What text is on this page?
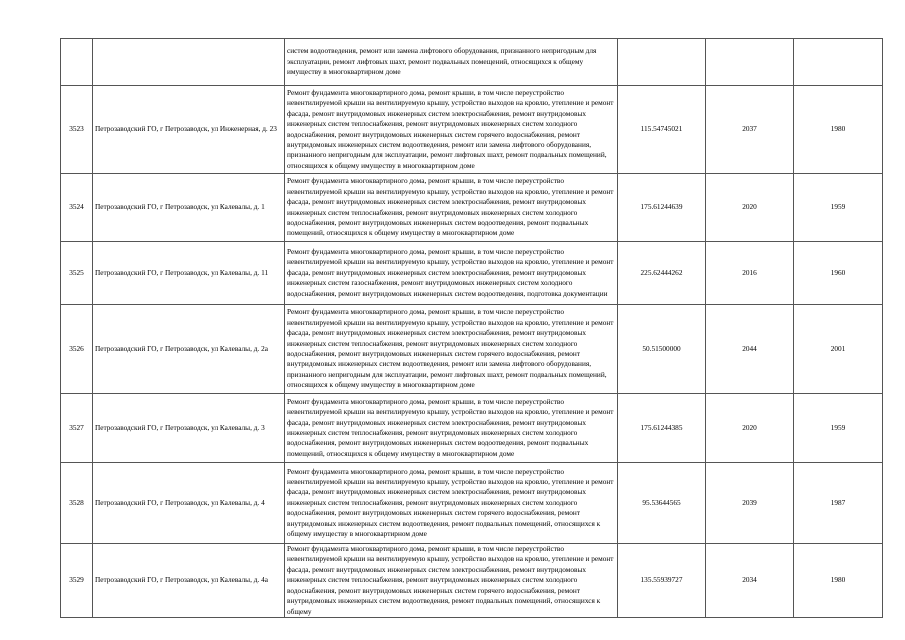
		систем водоотведения, ремонт или замена лифтового оборудования, признанного непригодным для эксплуатации, ремонт лифтовых шахт, ремонт подвальных помещений, относящихся к общему имуществу в многоквартирном доме			
3523	Петрозаводский ГО, г Петрозаводск, ул Инженерная, д. 23	Ремонт фундамента многоквартирного дома, ремонт крыши, в том числе переустройство невентилируемой крыши на вентилируемую крышу, устройство выходов на кровлю, утепление и ремонт фасада, ремонт внутридомовых инженерных систем электроснабжения, ремонт внутридомовых инженерных систем теплоснабжения, ремонт внутридомовых инженерных систем холодного водоснабжения, ремонт внутридомовых инженерных систем горячего водоснабжения, ремонт внутридомовых инженерных систем водоотведения, ремонт или замена лифтового оборудования, признанного непригодным для эксплуатации, ремонт лифтовых шахт, ремонт подвальных помещений, относящихся к общему имуществу в многоквартирном доме	115.54745021	2037	1980
3524	Петрозаводский ГО, г Петрозаводск, ул Калевалы, д. 1	Ремонт фундамента многоквартирного дома, ремонт крыши, в том числе переустройство невентилируемой крыши на вентилируемую крышу, устройство выходов на кровлю, утепление и ремонт фасада, ремонт внутридомовых инженерных систем электроснабжения, ремонт внутридомовых инженерных систем теплоснабжения, ремонт внутридомовых инженерных систем холодного водоснабжения, ремонт внутридомовых инженерных систем водоотведения, ремонт подвальных помещений, относящихся к общему имуществу в многоквартирном доме	175.61244639	2020	1959
3525	Петрозаводский ГО, г Петрозаводск, ул Калевалы, д. 11	Ремонт фундамента многоквартирного дома, ремонт крыши, в том числе переустройство невентилируемой крыши на вентилируемую крышу, устройство выходов на кровлю, утепление и ремонт фасада, ремонт внутридомовых инженерных систем электроснабжения, ремонт внутридомовых инженерных систем газоснабжения, ремонт внутридомовых инженерных систем холодного водоснабжения, ремонт внутридомовых инженерных систем водоотведения, подготовка документации	225.62444262	2016	1960
3526	Петрозаводский ГО, г Петрозаводск, ул Калевалы, д. 2а	Ремонт фундамента многоквартирного дома, ремонт крыши, в том числе переустройство невентилируемой крыши на вентилируемую крышу, устройство выходов на кровлю, утепление и ремонт фасада, ремонт внутридомовых инженерных систем электроснабжения, ремонт внутридомовых инженерных систем теплоснабжения, ремонт внутридомовых инженерных систем холодного водоснабжения, ремонт внутридомовых инженерных систем горячего водоснабжения, ремонт внутридомовых инженерных систем водоотведения, ремонт или замена лифтового оборудования, признанного непригодным для эксплуатации, ремонт лифтовых шахт, ремонт подвальных помещений, относящихся к общему имуществу в многоквартирном доме	50.51500000	2044	2001
3527	Петрозаводский ГО, г Петрозаводск, ул Калевалы, д. 3	Ремонт фундамента многоквартирного дома, ремонт крыши, в том числе переустройство невентилируемой крыши на вентилируемую крышу, устройство выходов на кровлю, утепление и ремонт фасада, ремонт внутридомовых инженерных систем электроснабжения, ремонт внутридомовых инженерных систем теплоснабжения, ремонт внутридомовых инженерных систем холодного водоснабжения, ремонт внутридомовых инженерных систем водоотведения, ремонт подвальных помещений, относящихся к общему имуществу в многоквартирном доме	175.61244385	2020	1959
3528	Петрозаводский ГО, г Петрозаводск, ул Калевалы, д. 4	Ремонт фундамента многоквартирного дома, ремонт крыши, в том числе переустройство невентилируемой крыши на вентилируемую крышу, устройство выходов на кровлю, утепление и ремонт фасада, ремонт внутридомовых инженерных систем электроснабжения, ремонт внутридомовых инженерных систем теплоснабжения, ремонт внутридомовых инженерных систем холодного водоснабжения, ремонт внутридомовых инженерных систем горячего водоснабжения, ремонт внутридомовых инженерных систем водоотведения, ремонт подвальных помещений, относящихся к общему имуществу в многоквартирном доме	95.53644565	2039	1987
3529	Петрозаводский ГО, г Петрозаводск, ул Калевалы, д. 4а	Ремонт фундамента многоквартирного дома, ремонт крыши, в том числе переустройство невентилируемой крыши на вентилируемую крышу, устройство выходов на кровлю, утепление и ремонт фасада, ремонт внутридомовых инженерных систем электроснабжения, ремонт внутридомовых инженерных систем теплоснабжения, ремонт внутридомовых инженерных систем холодного водоснабжения, ремонт внутридомовых инженерных систем горячего водоснабжения, ремонт внутридомовых инженерных систем водоотведения, ремонт подвальных помещений, относящихся к общему	135.55939727	2034	1980
